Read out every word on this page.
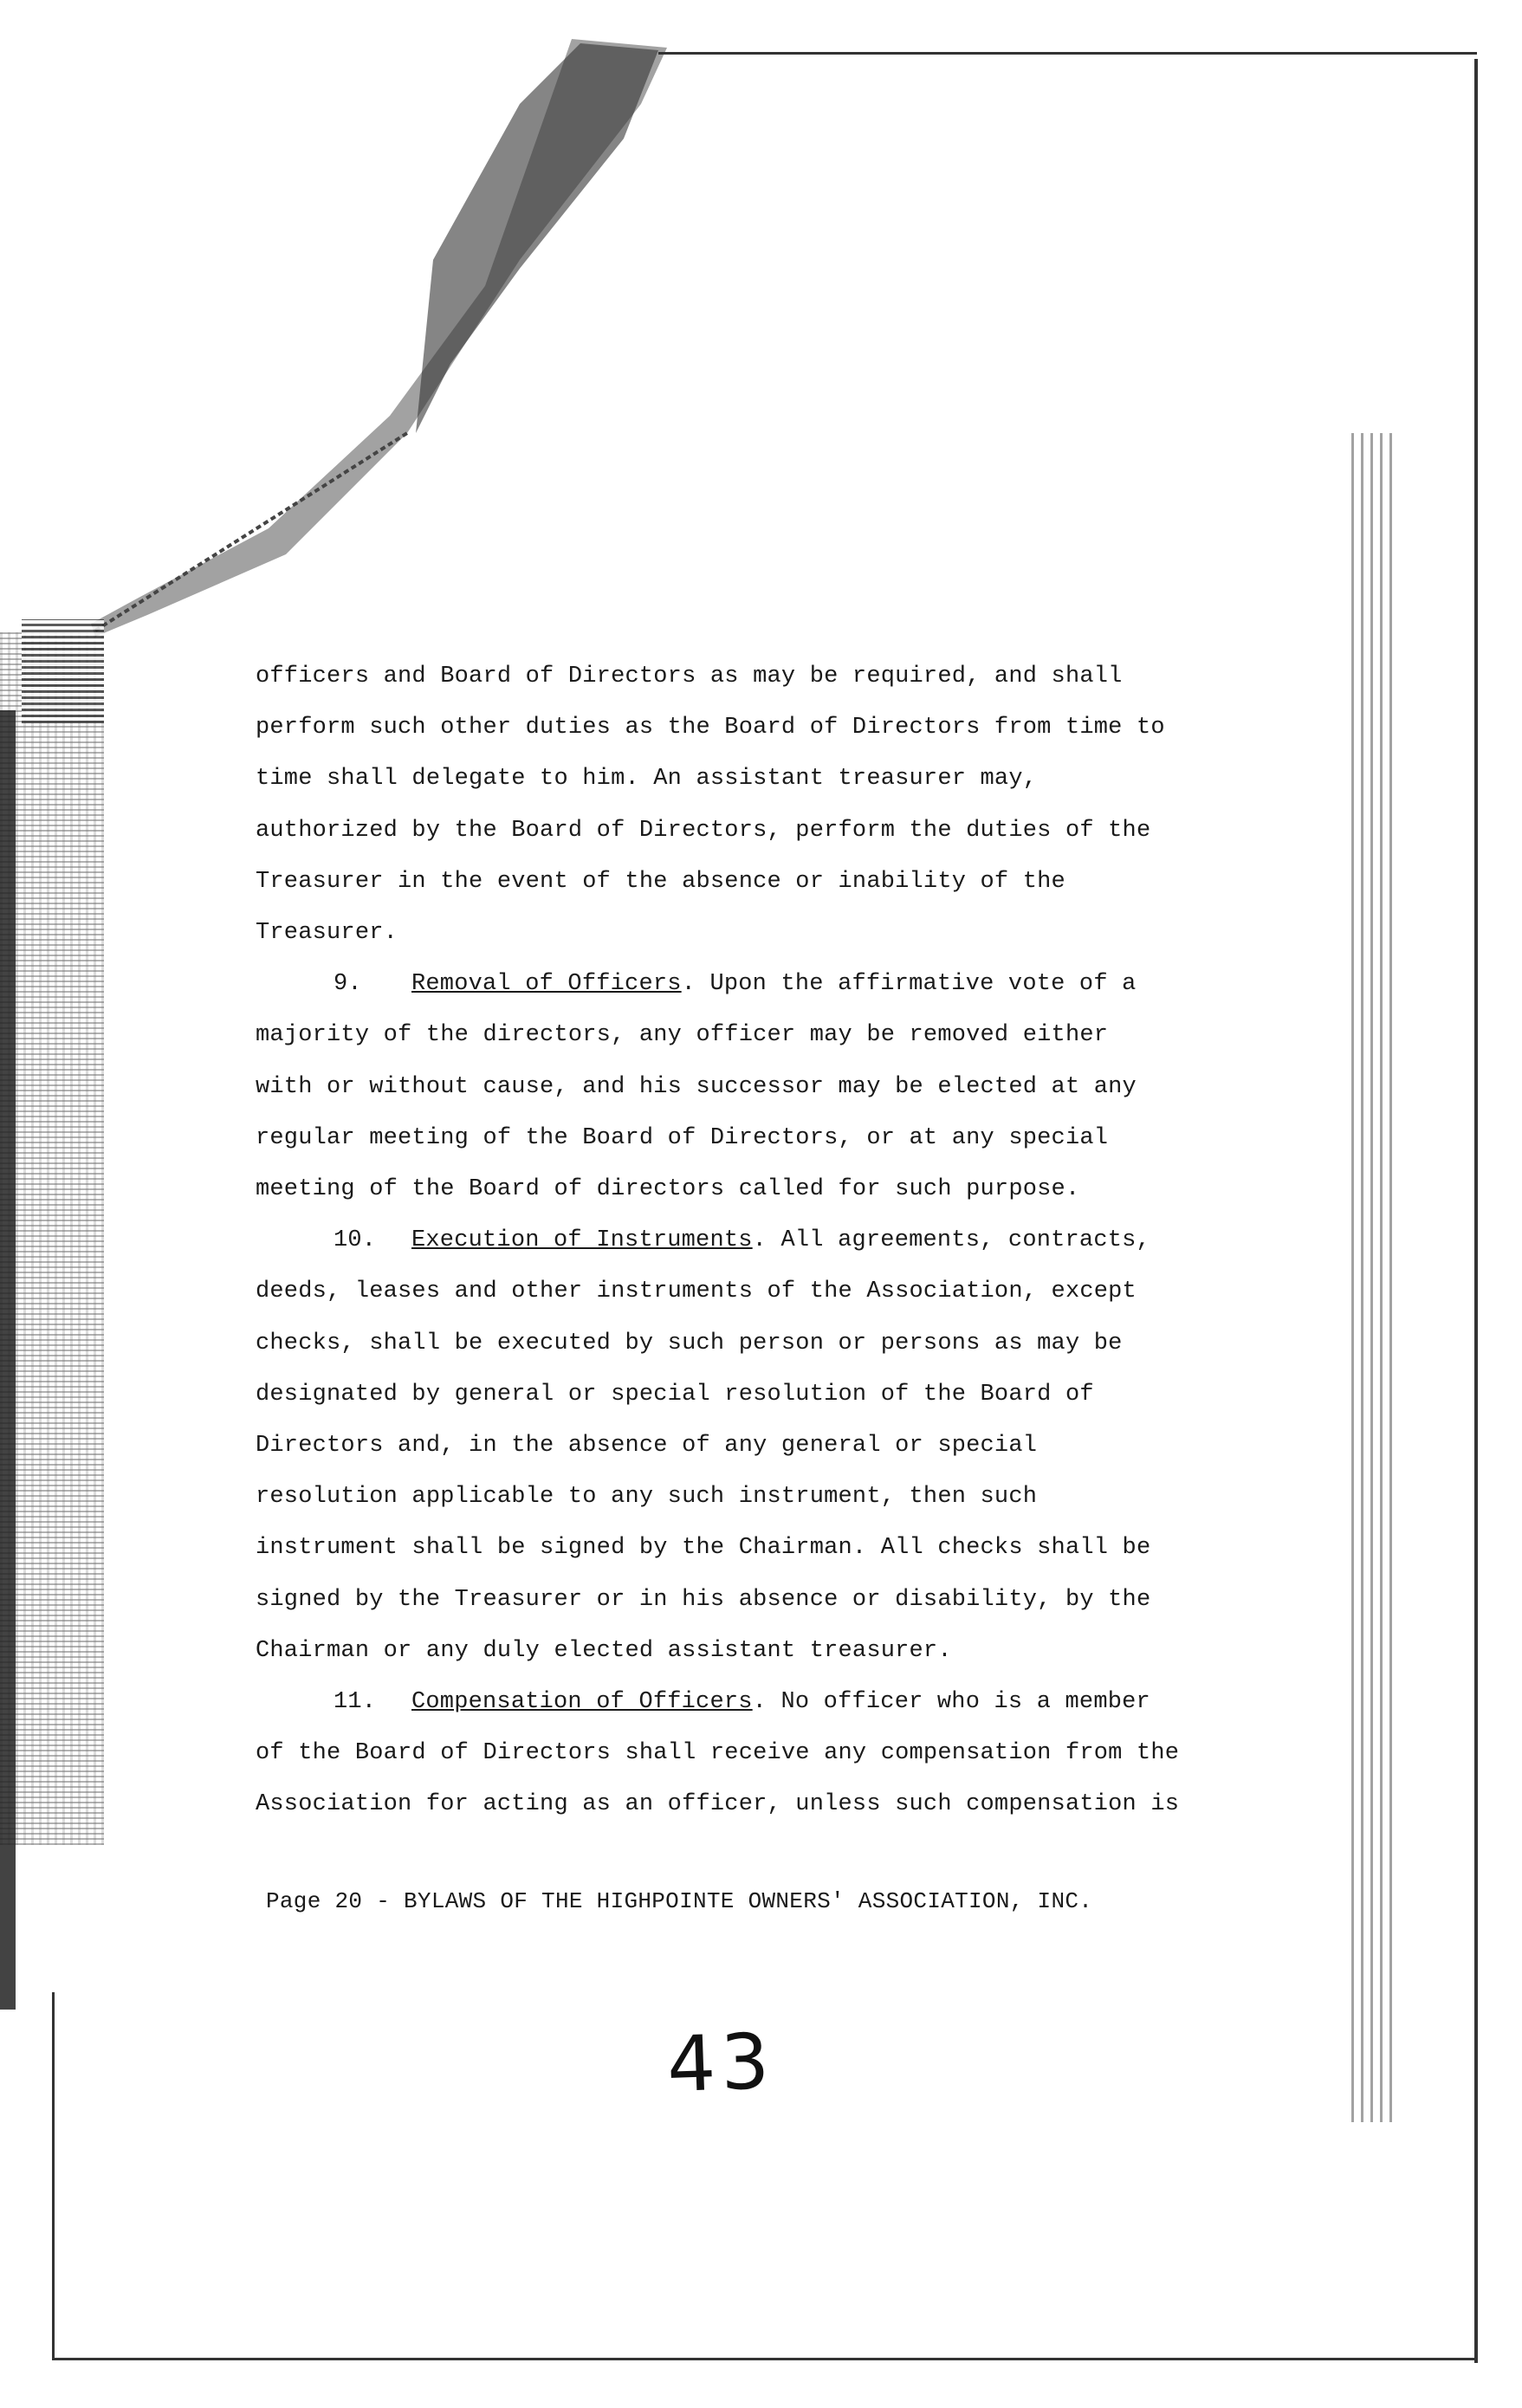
officers and Board of Directors as may be required, and shall

perform such other duties as the Board of Directors from time to

time shall delegate to him. An assistant treasurer may,

authorized by the Board of Directors, perform the duties of the

Treasurer in the event of the absence or inability of the

Treasurer.

9. Removal of Officers. Upon the affirmative vote of a

majority of the directors, any officer may be removed either

with or without cause, and his successor may be elected at any

regular meeting of the Board of Directors, or at any special

meeting of the Board of directors called for such purpose.

10. Execution of Instruments. All agreements, contracts,

deeds, leases and other instruments of the Association, except

checks, shall be executed by such person or persons as may be

designated by general or special resolution of the Board of

Directors and, in the absence of any general or special

resolution applicable to any such instrument, then such

instrument shall be signed by the Chairman. All checks shall be

signed by the Treasurer or in his absence or disability, by the

Chairman or any duly elected assistant treasurer.

11. Compensation of Officers. No officer who is a member

of the Board of Directors shall receive any compensation from the

Association for acting as an officer, unless such compensation is

Page 20 - BYLAWS OF THE HIGHPOINTE OWNERS' ASSOCIATION, INC.
43
